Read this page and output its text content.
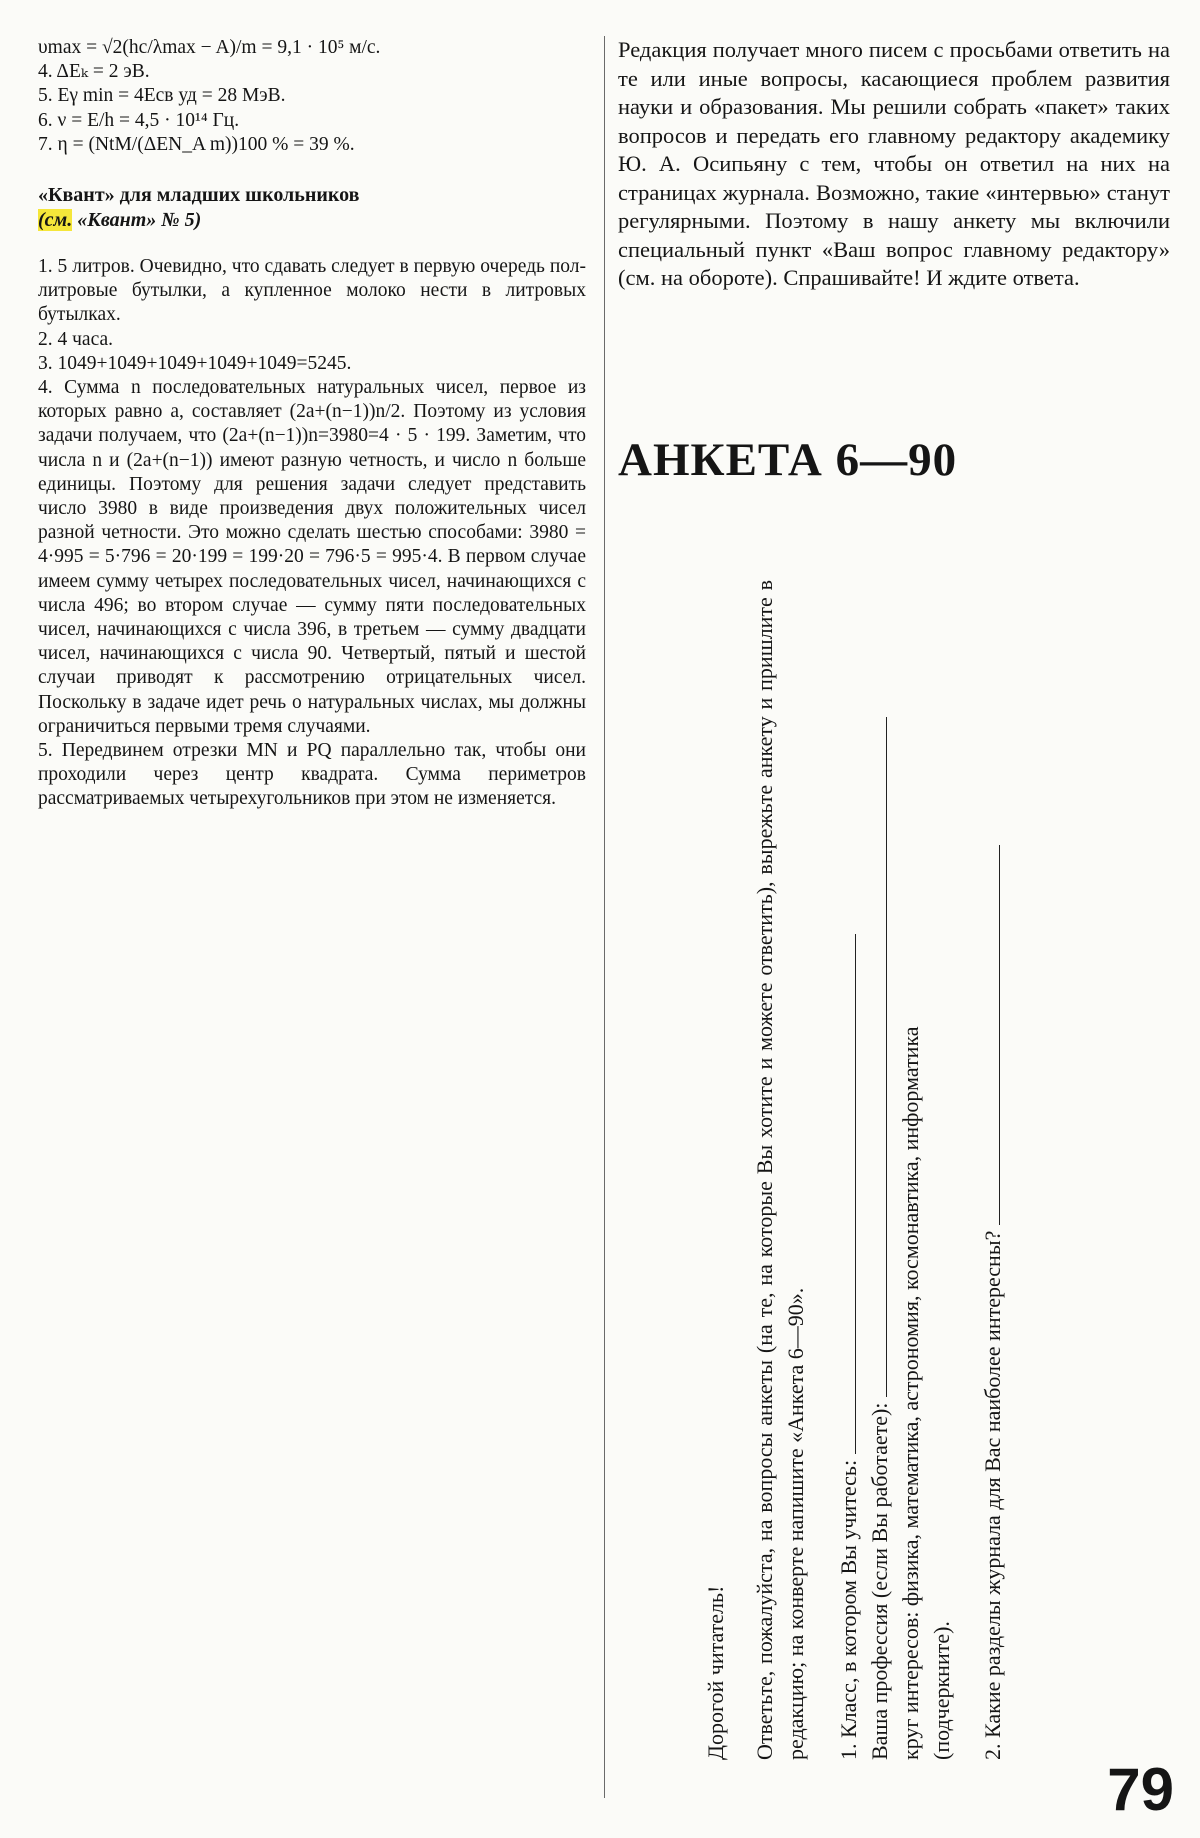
υmax = √2(hc/λmax − A)/m = 9,1 · 10⁵ м/с.

4. ΔEₖ = 2 эВ.

5. Eγ min = 4Eсв уд = 28 МэВ.

6. ν = E/h = 4,5 · 10¹⁴ Гц.

7. η = (NtM/(ΔEN_A m))100 % = 39 %.

«Квант» для младших школьников
(см. «Квант» № 5)

1. 5 литров. Очевидно, что сдавать следует в первую очередь пол-литровые бутылки, а купленное молоко нести в литровых бутылках.

2. 4 часа.

3. 1049+1049+1049+1049+1049=5245.

4. Сумма n последовательных натуральных чисел, первое из которых равно a, составляет (2a+(n−1))n/2. Поэтому из условия задачи получаем, что (2a+(n−1))n=3980=4 · 5 · 199. Заметим, что числа n и (2a+(n−1)) имеют разную четность, и число n больше единицы. Поэтому для решения задачи следует представить число 3980 в виде произведения двух положительных чисел разной четности. Это можно сделать шестью способами: 3980 = 4·995 = 5·796 = 20·199 = 199·20 = 796·5 = 995·4. В первом случае имеем сумму четырех последовательных чисел, начинающихся с числа 496; во втором случае — сумму пяти последовательных чисел, начинающихся с числа 396, в третьем — сумму двадцати чисел, начинающихся с числа 90. Четвертый, пятый и шестой случаи приводят к рассмотрению отрицательных чисел. Поскольку в задаче идет речь о натуральных числах, мы должны ограничиться первыми тремя случаями.

5. Передвинем отрезки MN и PQ параллельно так, чтобы они проходили через центр квадрата. Сумма периметров рассматриваемых четырехугольников при этом не изменяется.

Редакция получает много писем с просьбами ответить на те или иные вопросы, касающиеся проблем развития науки и образования. Мы решили собрать «пакет» таких вопросов и передать его главному редактору академику Ю. А. Осипьяну с тем, чтобы он ответил на них на страницах журнала. Возможно, такие «интервью» станут регулярными. Поэтому в нашу анкету мы включили специальный пункт «Ваш вопрос главному редактору» (см. на обороте). Спрашивайте! И ждите ответа.

АНКЕТА 6—90

Дорогой читатель! Ответьте, пожалуйста, на вопросы анкеты (на те, на которые Вы хотите и можете ответить), вырежьте анкету и пришлите в редакцию; на конверте напишите «Анкета 6—90». 1. Класс, в котором Вы учитесь: Ваша профессия (если Вы работаете): круг интересов: физика, математика, астрономия, космонавтика, информатика (подчеркните). 2. Какие разделы журнала для Вас наиболее интересны?

79
